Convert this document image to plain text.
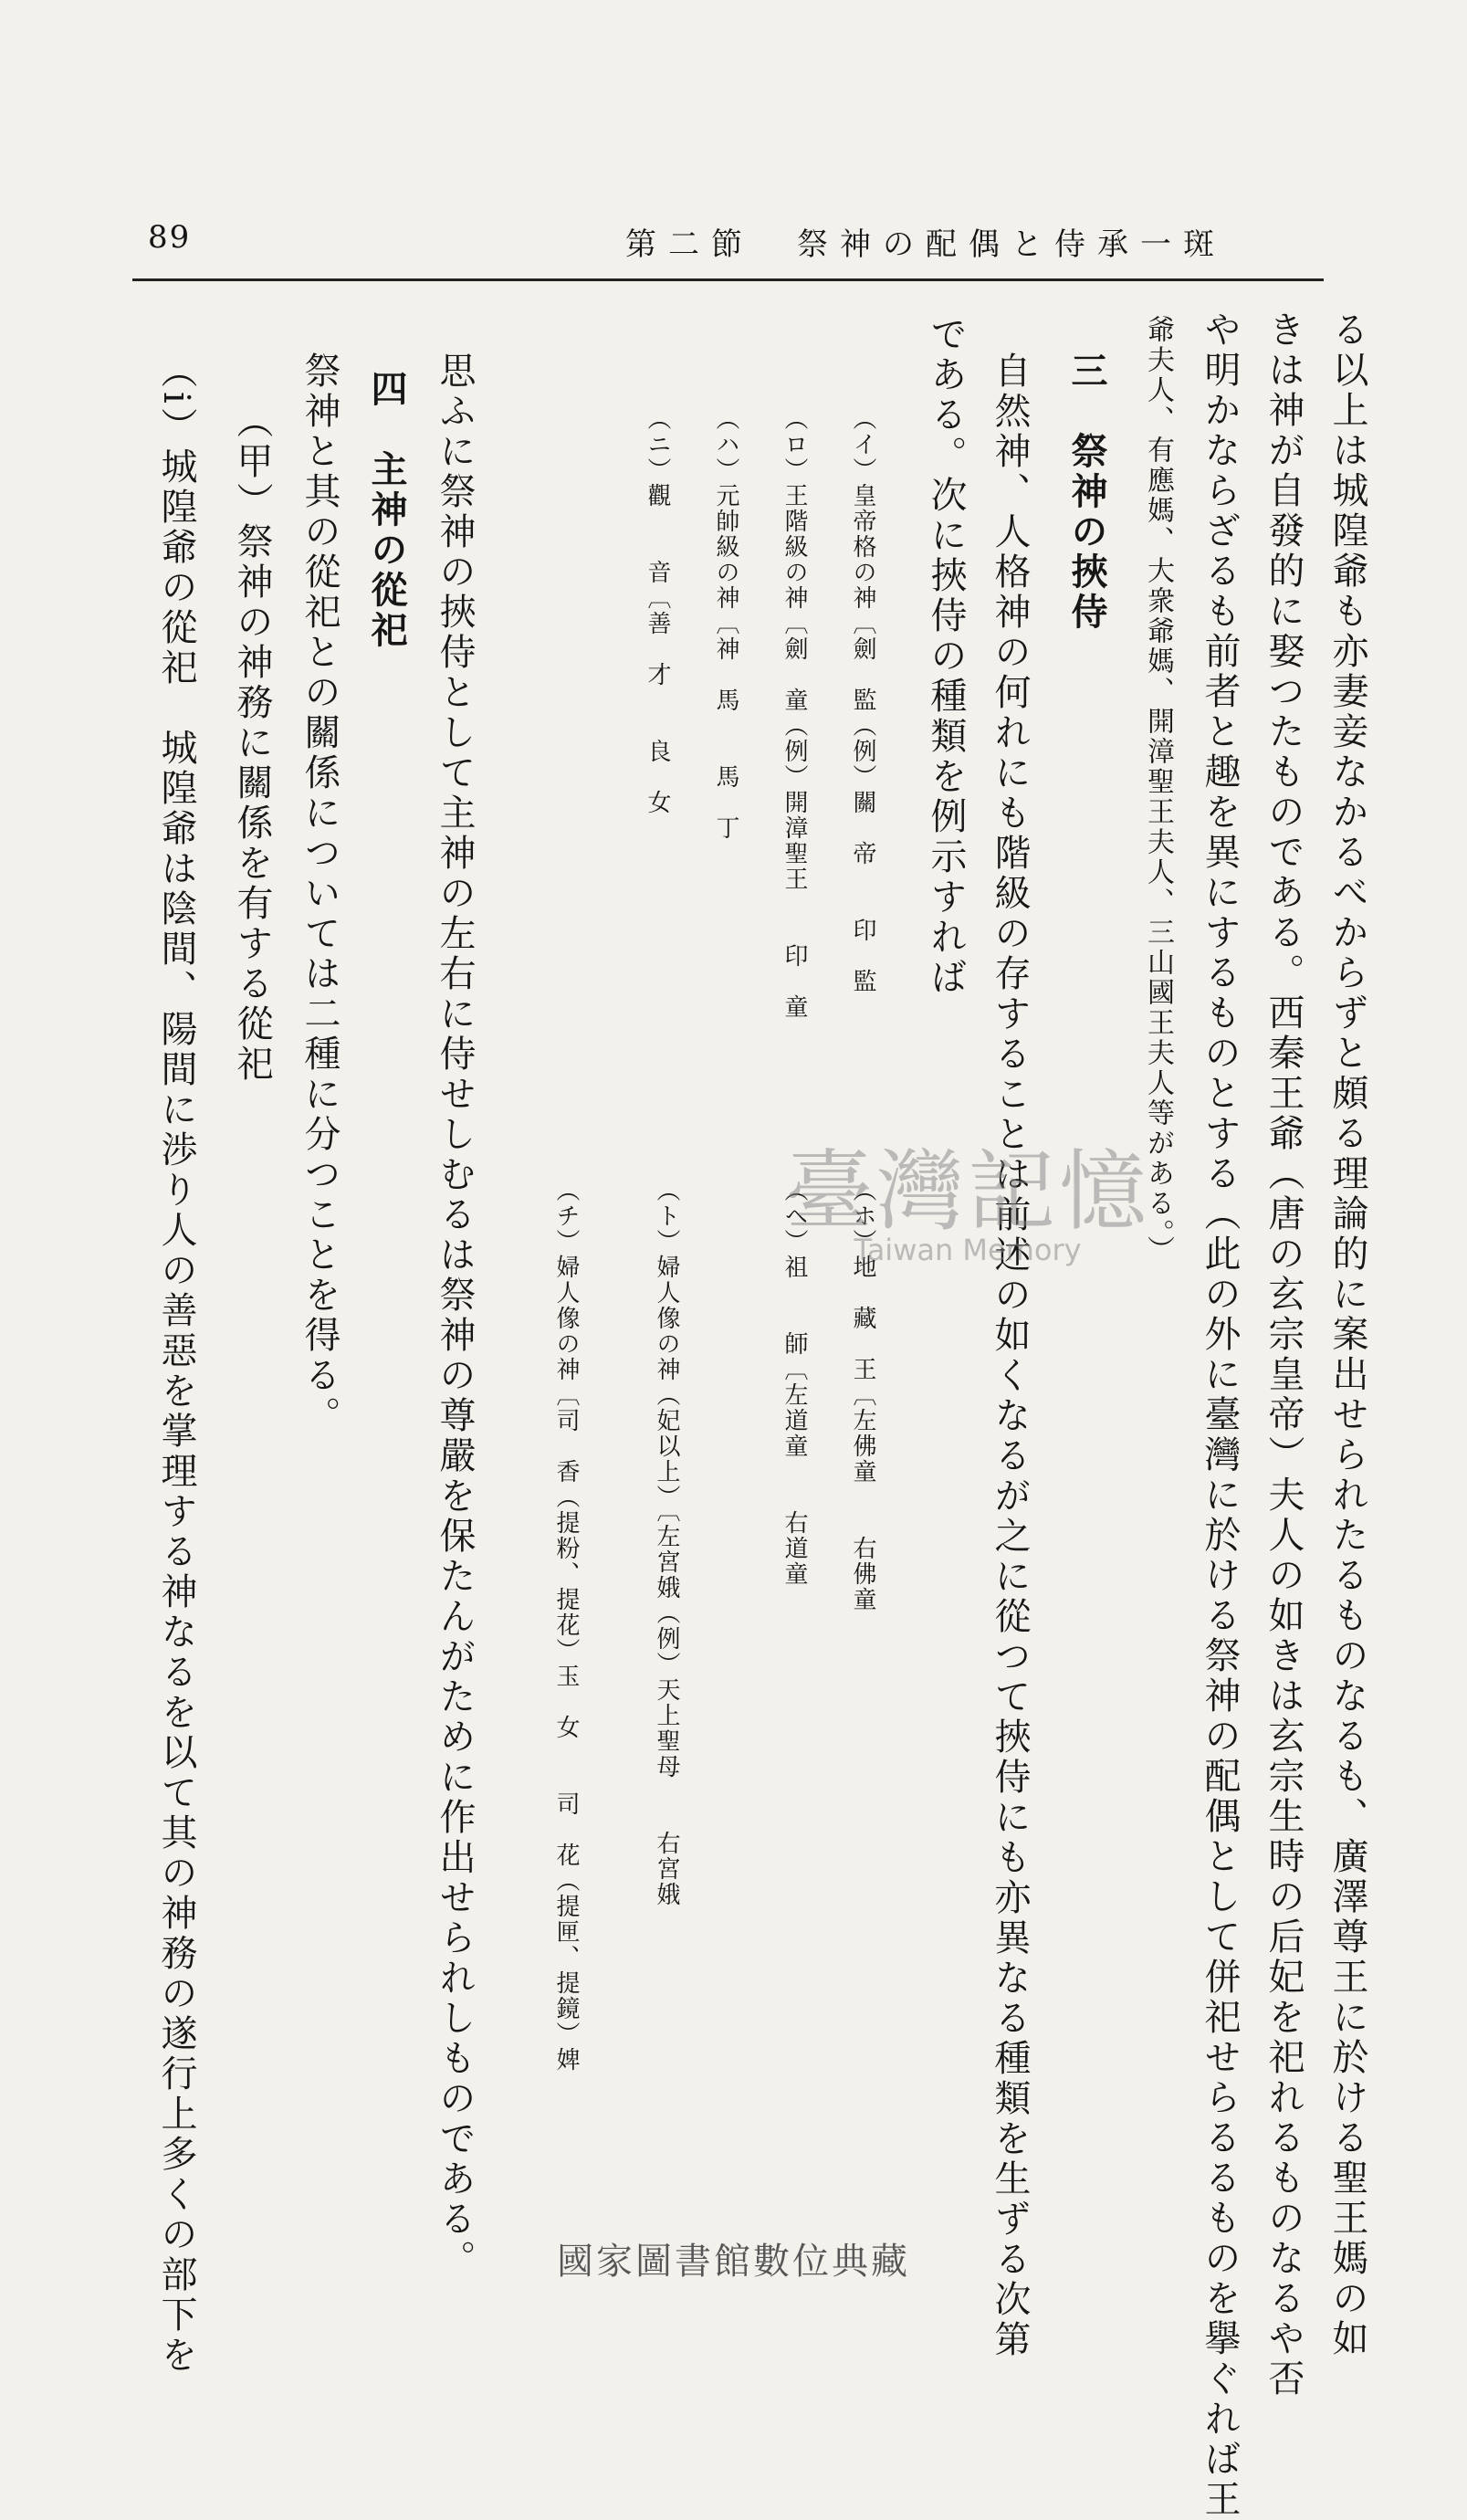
89	第二節　祭神の配偶と侍承一斑
る以上は城隍爺も亦妻妾なかるべからずと頗る理論的に案出せられたるものなるも、廣澤尊王に於ける聖王媽の如
きは神が自發的に娶つたものである。西秦王爺（唐の玄宗皇帝）夫人の如きは玄宗生時の后妃を祀れるものなるや否
や明かならざるも前者と趣を異にするものとする（此の外に臺灣に於ける祭神の配偶として併祀せらるるものを擧ぐれば王
爺夫人、有應媽、大衆爺媽、開漳聖王夫人、三山國王夫人等がある。）
三　祭神の挾侍
自然神、人格神の何れにも階級の存することは前述の如くなるが之に從つて挾侍にも亦異なる種類を生ずる次第
である。次に挾侍の種類を例示すれば
（イ）皇帝格の神〔劍　監（例）關　帝　　印　監
（ロ）王階級の神〔劍　童（例）開漳聖王　　印　童
（ハ）元帥級の神〔神　馬　　馬　丁
（ニ）觀　　音〔善　才　　良　女
（ホ）地　藏　王〔左佛童　　右佛童
（ヘ）祖　　師〔左道童　　右道童
（ト）婦人像の神（妃以上）〔左宮娥（例）天上聖母　　右宮娥
（チ）婦人像の神〔司　香（提粉、提花）玉　女　　司　花（提匣、提鏡）婢
思ふに祭神の挾侍として主神の左右に侍せしむるは祭神の尊嚴を保たんがために作出せられしものである。
四　主神の從祀
祭神と其の從祀との關係については二種に分つことを得る。
（甲）祭神の神務に關係を有する從祀
（i）城隍爺の從祀　城隍爺は陰間、陽間に渉り人の善惡を掌理する神なるを以て其の神務の遂行上多くの部下を	臺灣記憶
Taiwan Memory
國家圖書館數位典藏
